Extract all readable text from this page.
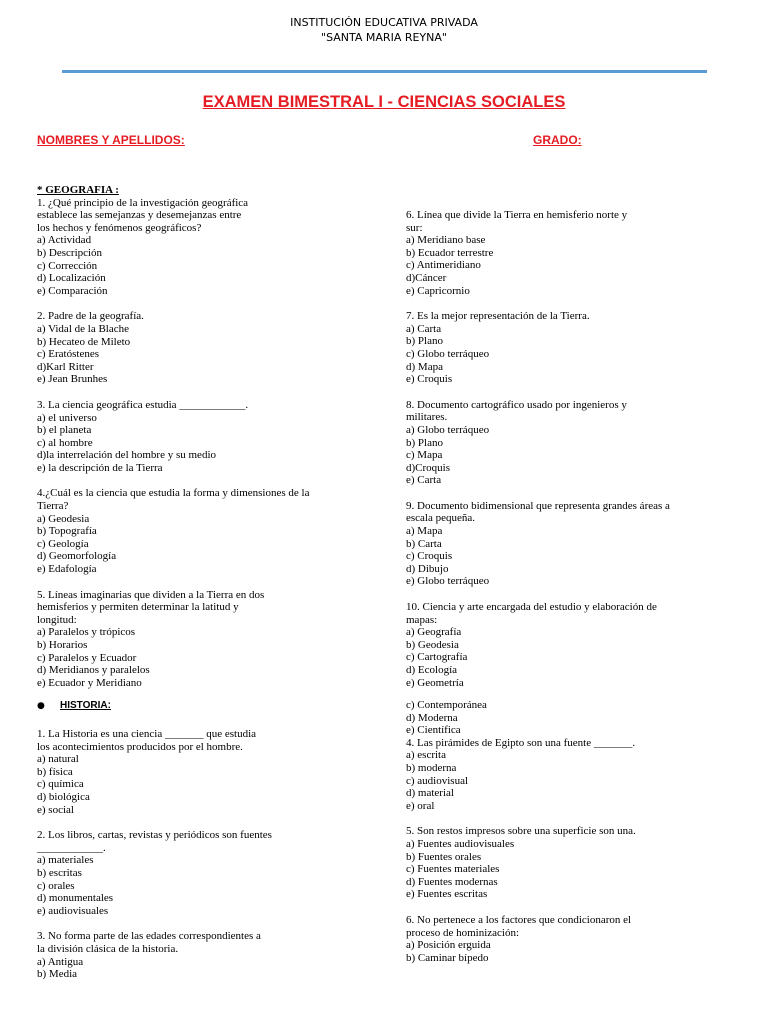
INSTITUCIÓN EDUCATIVA PRIVADA
"SANTA MARIA REYNA"
EXAMEN BIMESTRAL I - CIENCIAS SOCIALES
NOMBRES Y APELLIDOS:	GRADO:
* GEOGRAFIA :
1. ¿Qué principio de la investigación geográfica
establece las semejanzas y desemejanzas entre
los hechos y fenómenos geográficos?
a) Actividad
b) Descripción
c) Corrección
d) Localización
e) Comparación
2. Padre de la geografía.
a) Vidal de la Blache
b) Hecateo de Mileto
c) Eratóstenes
d)Karl Ritter
e) Jean Brunhes
3. La ciencia geográfica estudia ____________.
a) el universo
b) el planeta
c) al hombre
d)la interrelación del hombre y su medio
e) la descripción de la Tierra
4.¿Cuál es la ciencia que estudia la forma y dimensiones de la
Tierra?
a) Geodesia
b) Topografía
c) Geología
d) Geomorfología
e) Edafología
5. Líneas imaginarias que dividen a la Tierra en dos
hemisferios y permiten determinar la latitud y
longitud:
a) Paralelos y trópicos
b) Horarios
c) Paralelos y Ecuador
d) Meridianos y paralelos
e) Ecuador y Meridiano
● HISTORIA:
1. La Historia es una ciencia _______ que estudia
los acontecimientos producidos por el hombre.
a) natural
b) física
c) química
d) biológica
e) social
2. Los libros, cartas, revistas y periódicos son fuentes
____________.
a) materiales
b) escritas
c) orales
d) monumentales
e) audiovisuales
3. No forma parte de las edades correspondientes a
la división clásica de la historia.
a) Antigua
b) Media
6. Línea que divide la Tierra en hemisferio norte y
sur:
a) Meridiano base
b) Ecuador terrestre
c) Antimeridiano
d)Cáncer
e) Capricornio
7. Es la mejor representación de la Tierra.
a) Carta
b) Plano
c) Globo terráqueo
d) Mapa
e) Croquis
8. Documento cartográfico usado por ingenieros y
militares.
a) Globo terráqueo
b) Plano
c) Mapa
d)Croquis
e) Carta
9. Documento bidimensional que representa grandes áreas a
escala pequeña.
a) Mapa
b) Carta
c) Croquis
d) Dibujo
e) Globo terráqueo
10. Ciencia y arte encargada del estudio y elaboración de
mapas:
a) Geografía
b) Geodesia
c) Cartografía
d) Ecología
e) Geometría
c) Contemporánea
d) Moderna
e) Científica
4. Las pirámides de Egipto son una fuente _______.
a) escrita
b) moderna
c) audiovisual
d) material
e) oral
5. Son restos impresos sobre una superficie son una.
a) Fuentes audiovisuales
b) Fuentes orales
c) Fuentes materiales
d) Fuentes modernas
e) Fuentes escritas
6. No pertenece a los factores que condicionaron el
proceso de hominización:
a) Posición erguida
b) Caminar bípedo
